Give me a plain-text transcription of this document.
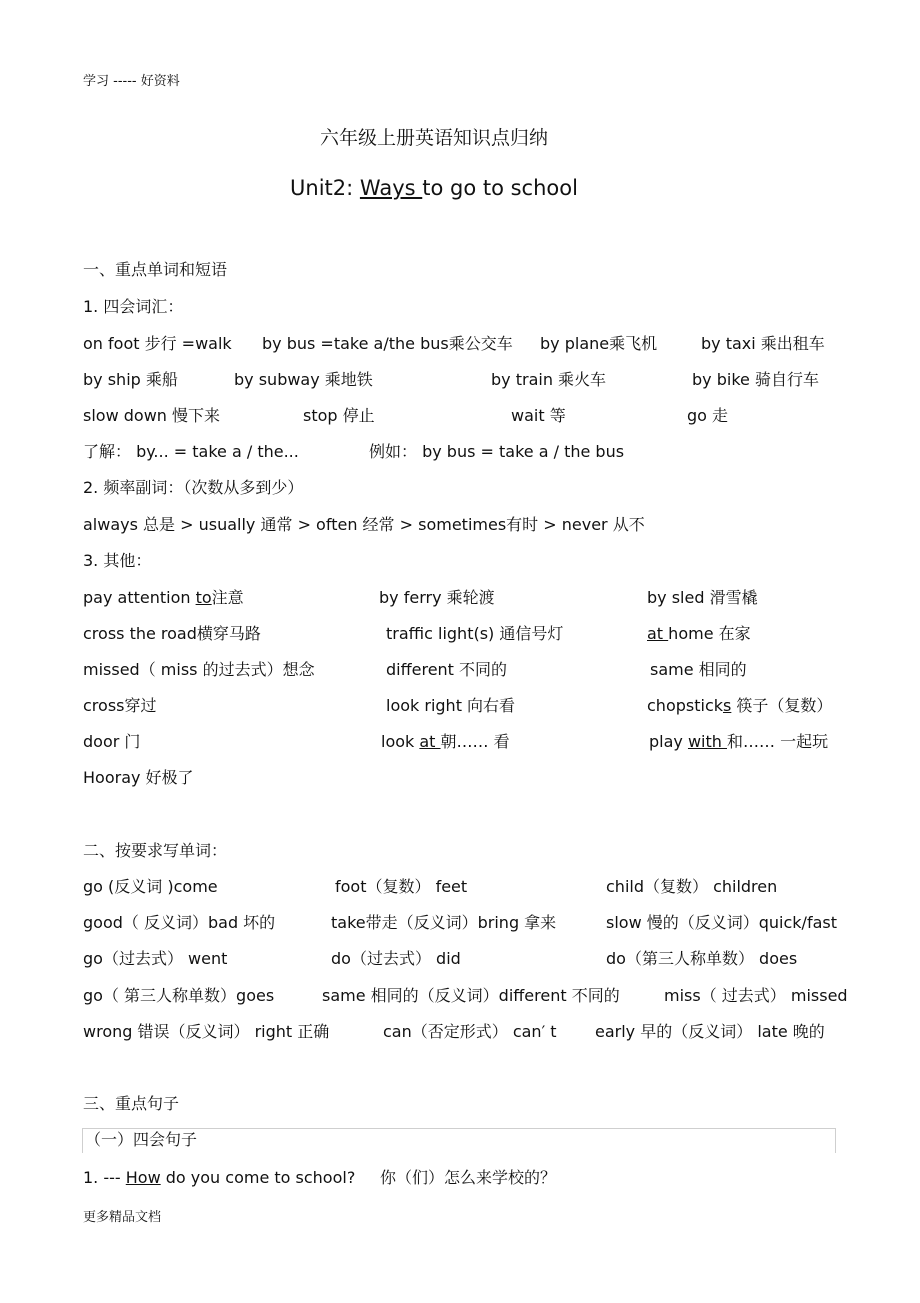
学习 ----- 好资料
更多精品文档
六年级上册英语知识点归纳
Unit2: Ways to go to school
一、重点单词和短语
1. 四会词汇：
on foot 步行 =walk by bus =take a/the bus乘公交车 by plane乘飞机	by taxi 乘出租车
by ship 乘船	by subway 乘地铁	by train 乘火车	by bike 骑自行车
slow down 慢下来	stop 停止	wait 等	go 走
了解： by... = take a / the...	例如： by bus = take a / the bus
2. 频率副词：（次数从多到少）
always 总是 > usually 通常 > often 经常 > sometimes有时 > never 从不
3. 其他：
pay attention to注意	by ferry 乘轮渡	by sled 滑雪橇
cross the road横穿马路	traffic light(s) 通信号灯	at home 在家
missed（ miss 的过去式）想念	different 不同的	same 相同的
cross穿过	look right 向右看	chopsticks 筷子（复数）
door 门	look at 朝…… 看	play with 和…… 一起玩
Hooray 好极了
二、按要求写单词：
go (反义词 )come	foot（复数） feet	child（复数） children
good（ 反义词）bad 坏的	take带走（反义词）bring 拿来	slow 慢的（反义词）quick/fast
go（过去式） went	do（过去式） did	do（第三人称单数） does
go（ 第三人称单数）goes	same 相同的（反义词）different 不同的	miss（ 过去式） missed
wrong 错误（反义词） right 正确	can（否定形式） can′ t early 早的（反义词） late 晚的
三、重点句子
（一）四会句子
1. --- How do you come to school? 你（们）怎么来学校的？
